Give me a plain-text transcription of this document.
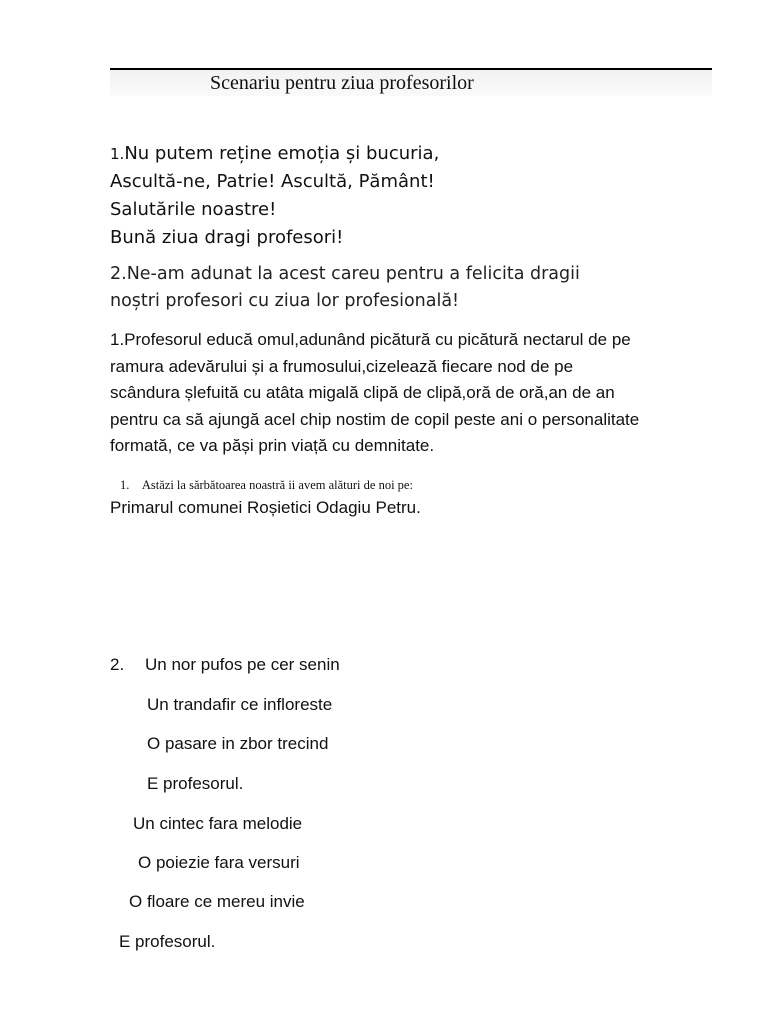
Scenariu pentru ziua profesorilor
1.Nu putem reține emoția și bucuria,
Ascultă-ne, Patrie! Ascultă, Pământ!
Salutările noastre!
Bună ziua dragi profesori!
2.Ne-am adunat la acest careu pentru a felicita dragii
noștri profesori cu ziua lor profesională!
1.Profesorul educă omul,adunând picătură cu picătură nectarul de pe
ramura adevărului și a frumosului,cizelează fiecare nod de pe
scândura șlefuită cu atâta migală clipă de clipă,oră de oră,an de an
pentru ca să ajungă acel chip nostim de copil peste ani o personalitate
formată, ce va păși prin viață cu demnitate.
1. Astăzi la sărbătoarea noastră ii avem alături de noi pe:
Primarul comunei Roșietici Odagiu Petru.
2. Un nor pufos pe cer senin
Un trandafir ce infloreste
O pasare in zbor trecind
E profesorul.
Un cintec fara melodie
O poiezie fara versuri
O floare ce mereu invie
E profesorul.
